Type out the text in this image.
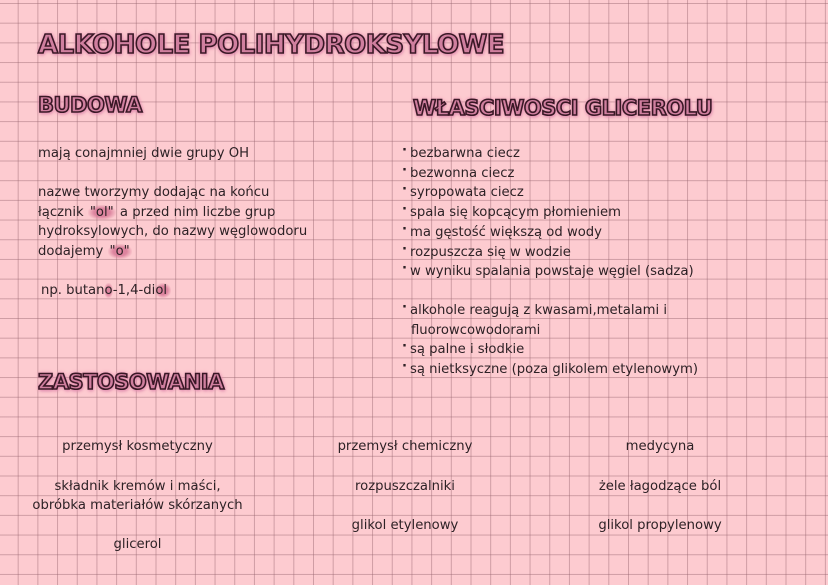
ALKOHOLE POLIHYDROKSYLOWE
BUDOWA
mają conajmniej dwie grupy OH
nazwe tworzymy dodając na końcu
łącznik "ol" a przed nim liczbe grup
hydroksylowych, do nazwy węglowodoru
dodajemy "o"
np. butano-1,4-diol
WŁASCIWOSCI GLICEROLU
· bezbarwna ciecz
· bezwonna ciecz
· syropowata ciecz
· spala się kopcącym płomieniem
· ma gęstość większą od wody
· rozpuszcza się w wodzie
· w wyniku spalania powstaje węgiel (sadza)
· alkohole reagują z kwasami,metalami i
fluorowcowodorami
· są palne i słodkie
· są nietksyczne (poza glikolem etylenowym)
ZASTOSOWANIA
przemysł kosmetyczny
składnik kremów i maści,
obróbka materiałów skórzanych
glicerol
przemysł chemiczny
rozpuszczalniki
glikol etylenowy
medycyna
żele łagodzące ból
glikol propylenowy
